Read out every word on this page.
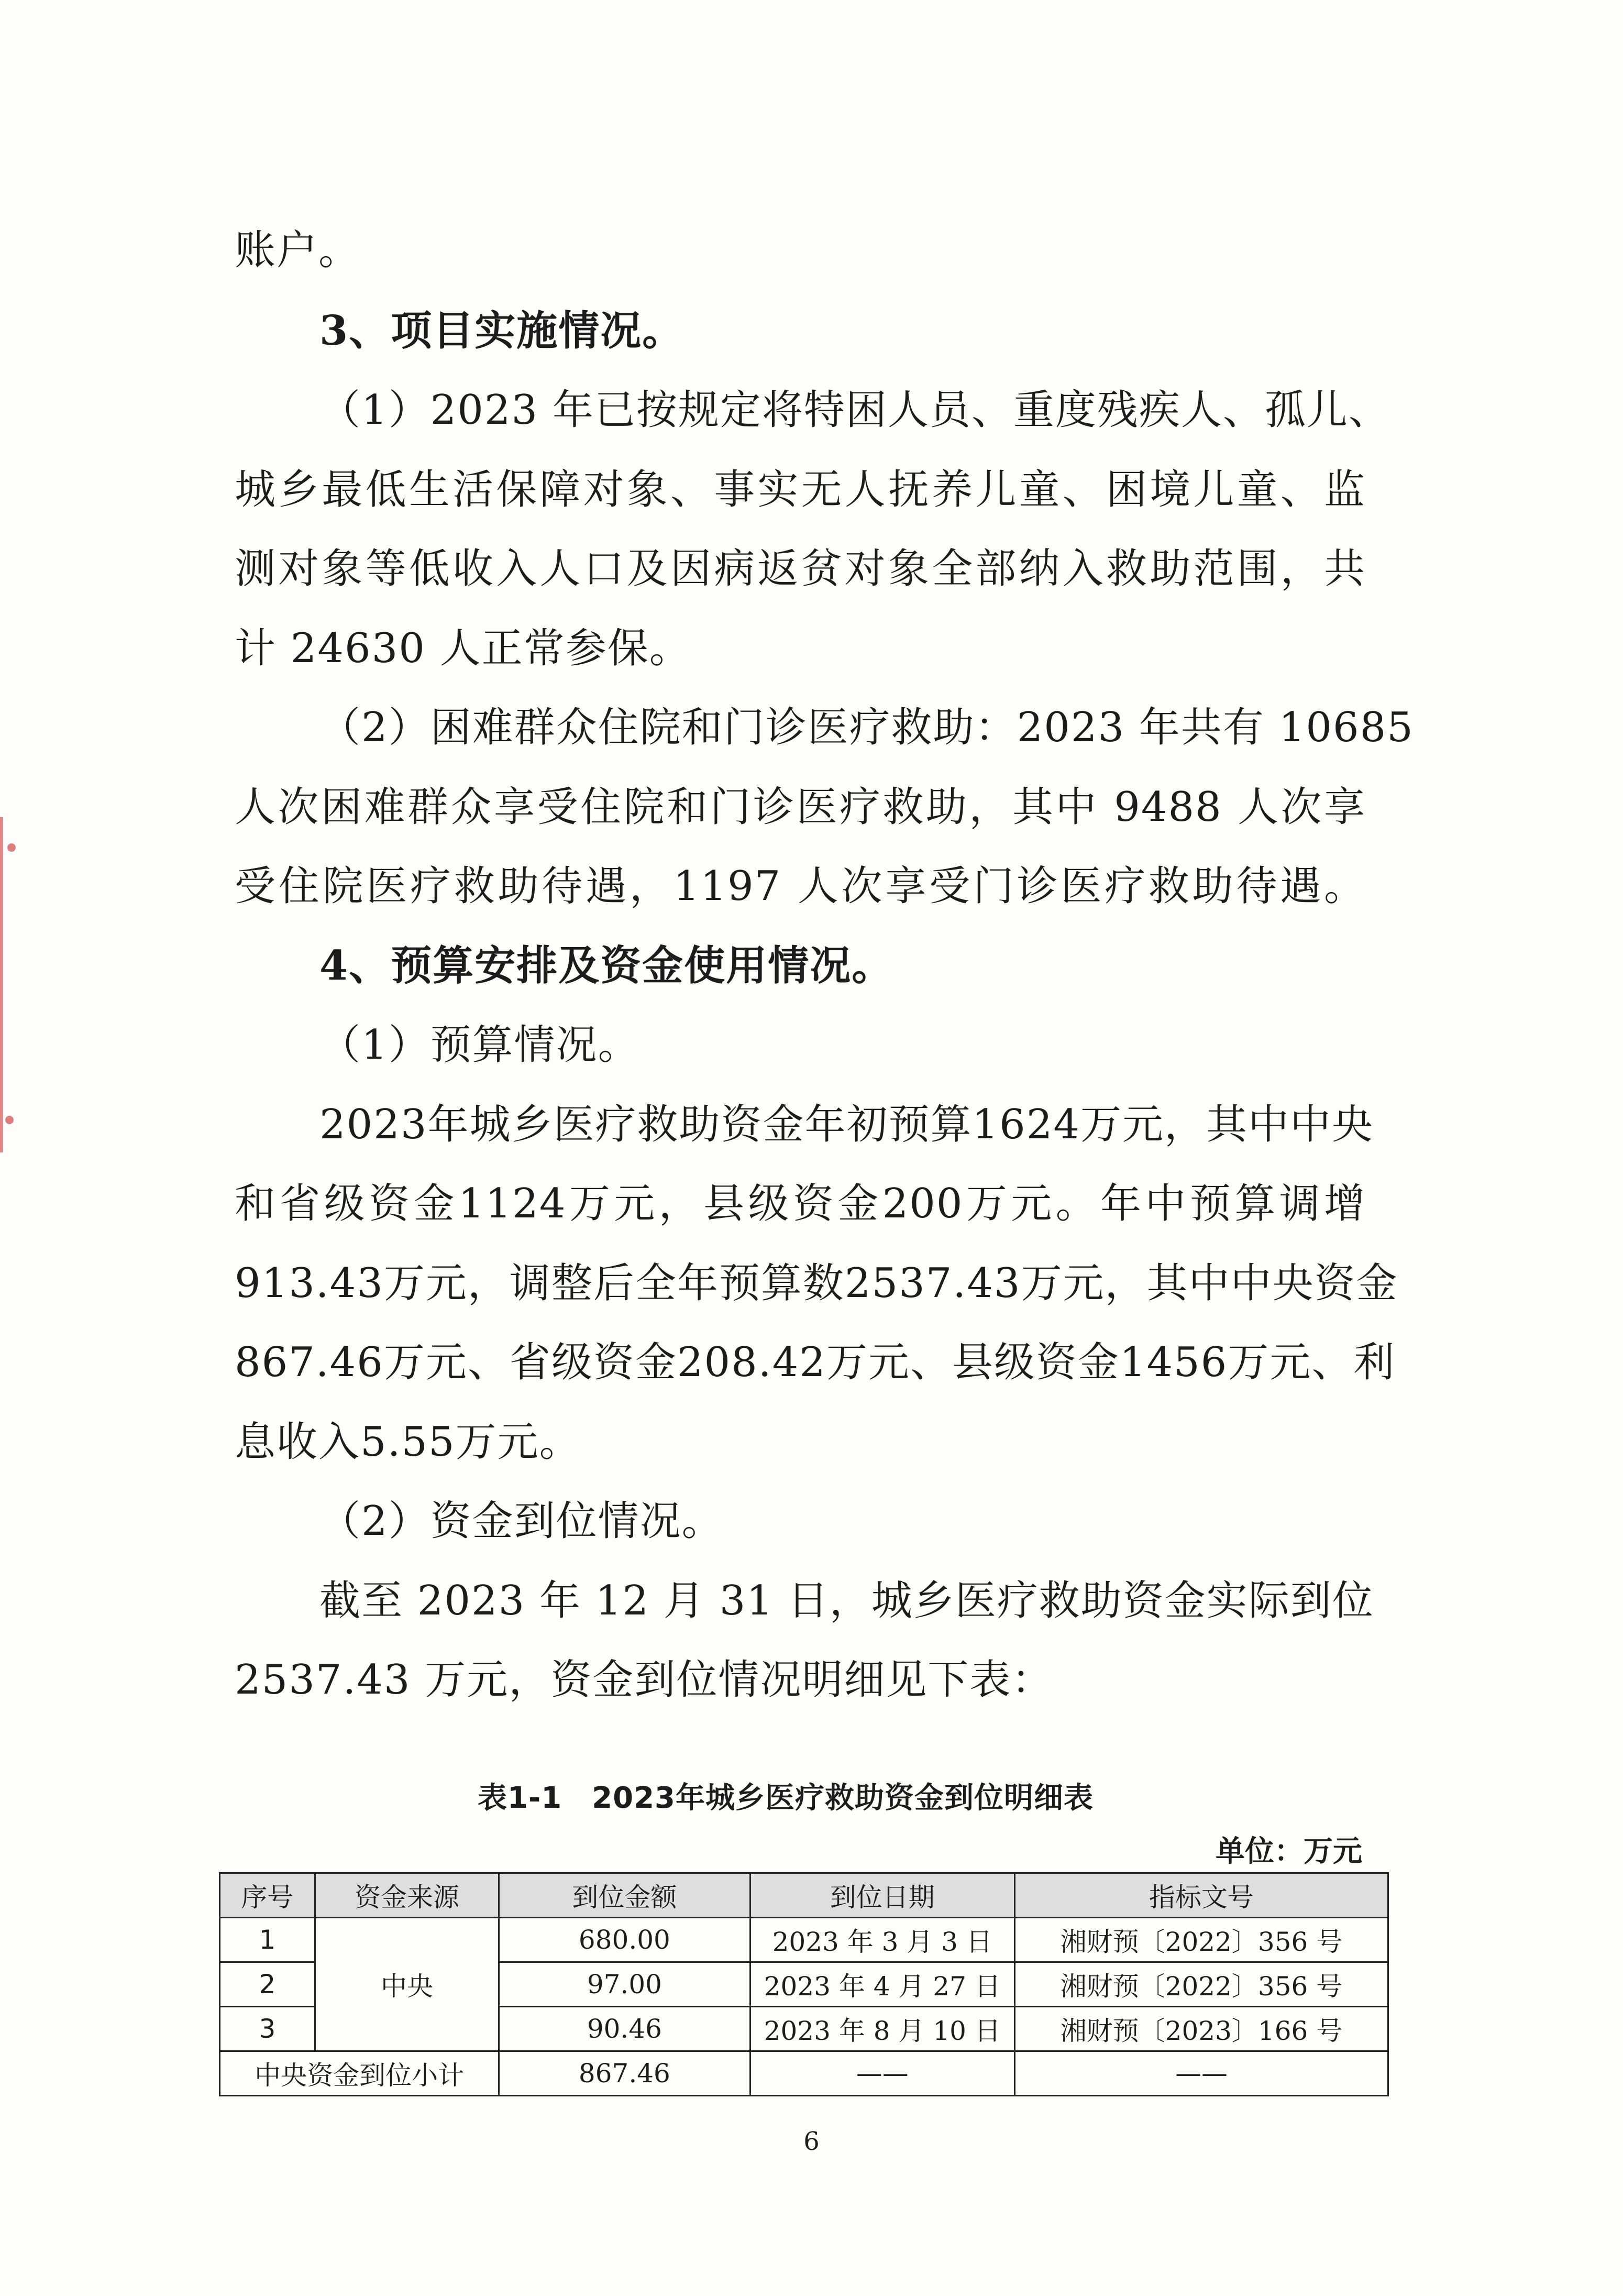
账户。
3、项目实施情况。
（1）2023 年已按规定将特困人员、重度残疾人、孤儿、
城乡最低生活保障对象、事实无人抚养儿童、困境儿童、监
测对象等低收入人口及因病返贫对象全部纳入救助范围，共
计 24630 人正常参保。
（2）困难群众住院和门诊医疗救助：2023 年共有 10685
人次困难群众享受住院和门诊医疗救助，其中 9488 人次享
受住院医疗救助待遇，1197 人次享受门诊医疗救助待遇。
4、预算安排及资金使用情况。
（1）预算情况。
2023年城乡医疗救助资金年初预算1624万元，其中中央
和省级资金1124万元，县级资金200万元。年中预算调增
913.43万元，调整后全年预算数2537.43万元，其中中央资金
867.46万元、省级资金208.42万元、县级资金1456万元、利
息收入5.55万元。
（2）资金到位情况。
截至 2023 年 12 月 31 日，城乡医疗救助资金实际到位
2537.43 万元，资金到位情况明细见下表：
表1-1　2023年城乡医疗救助资金到位明细表
单位：万元
序号	资金来源	到位金额	到位日期	指标文号
1	中央	680.00	2023 年 3 月 3 日	湘财预〔2022〕356 号
2		97.00	2023 年 4 月 27 日	湘财预〔2022〕356 号
3		90.46	2023 年 8 月 10 日	湘财预〔2023〕166 号
中央资金到位小计		867.46	——	——
6
